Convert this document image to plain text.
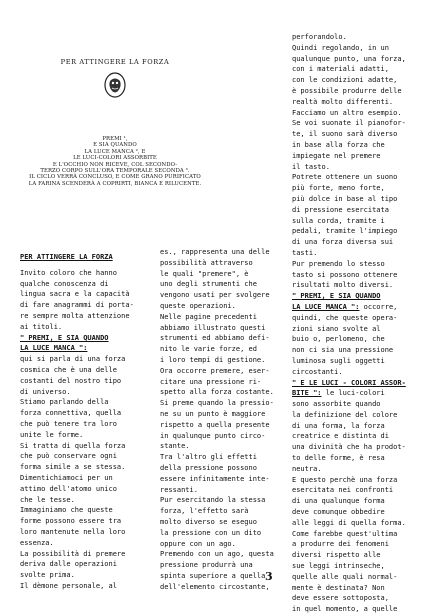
PER ATTINGERE LA FORZA
PREMI ¹,
E SIA QUANDO
LA LUCE MANCA ², E
LE LUCI-COLORI ASSORBITE
E L'OCCHIO NON RICEVE, COL SECONDO-
TERZO CORPO SULL'ORA TEMPORALE SECONDA ³.
IL CICLO VERRÀ CONCLUSO, E COME GRANO PURIFICATO
LA FARINA SCENDERÀ A COPRIRTI, BIANCA E RILUCENTE.
PER ATTINGERE LA FORZA

Invito coloro che hanno
qualche conoscenza di
lingua sacra e la capacità
di fare anagrammi di porta-
re sempre molta attenzione
ai titoli.

" PREMI, E SIA QUANDO
LA LUCE MANCA ":

qui si parla di una forza
cosmica che è una delle
costanti del nostro tipo
di universo.

Stiamo parlando della
forza connettiva, quella
che può tenere tra loro
unite le forme.

Si tratta di quella forza
che può conservare ogni
forma simile a se stessa.

Dimentichiamoci per un
attimo dell'atomo unico
che le tesse.

Immaginiamo che queste
forme possono essere tra
loro mantenute nella loro
essenza.

La possibilità di premere
deriva dalle operazioni
svolte prima.

Il dèmone personale, al

es., rappresenta una delle
possibilità attraverso
le quali "premere", è
uno degli strumenti che
vengono usati per svolgere
queste operazioni.

Nelle pagine precedenti
abbiamo illustrato questi
strumenti ed abbiamo defi-
nito le varie forze, ed
i loro tempi di gestione.

Ora occorre premere, eser-
citare una pressione ri-
spetto alla forza costante.

Si preme quando la pressio-
ne su un punto è maggiore
rispetto a quella presente
in qualunque punto circo-
stante.

Tra l'altro gli effetti
della pressione possono
essere infinitamente inte-
ressanti.

Pur esercitando la stessa
forza, l'effetto sarà
molto diverso se eseguo
la pressione con un dito
oppure con un ago.

Premendo con un ago, questa
pressione produrrà una
spinta superiore a quella
dell'elemento circostante,

perforandolo.
Quindi regolando, in un
qualunque punto, una forza,
con i materiali adatti,
con le condizioni adatte,
è possibile produrre delle
realtà molto differenti.

Facciamo un altro esempio.

Se voi suonate il pianofor-
te, il suono sarà diverso
in base alla forza che
impiegate nel premere
il tasto.

Potrete ottenere un suono
più forte, meno forte,
più dolce in base al tipo
di pressione esercitata
sulla corda, tramite i
pedali, tramite l'impiego
di una forza diversa sui
tasti.

Pur premendo lo stesso
tasto si possono ottenere
risultati molto diversi.

" PREMI, E SIA QUANDO
LA LUCE MANCA ": occorre,

quindi, che queste opera-
zioni siano svolte al
buio o, perlomeno, che
non ci sia una pressione
luminosa sugli oggetti
circostanti.

" E LE LUCI - COLORI ASSOR-
BITE ": le luci-colori

sono assorbite quando
la definizione del colore
di una forma, la forza
creatrice e distinta di
una divinità che ha prodot-
to delle forme, è resa
neutra.

E questo perchè una forza
esercitata nei confronti
di una qualunque forma
deve comunque obbedire
alle leggi di quella forma.
Come farebbe quest'ultima
a produrre dei fenomeni
diversi rispetto alle
sue leggi intrinseche,
quelle alle quali normal-
mente è destinata? Non
deve essere sottoposta,
in quel momento, a quelle

3
